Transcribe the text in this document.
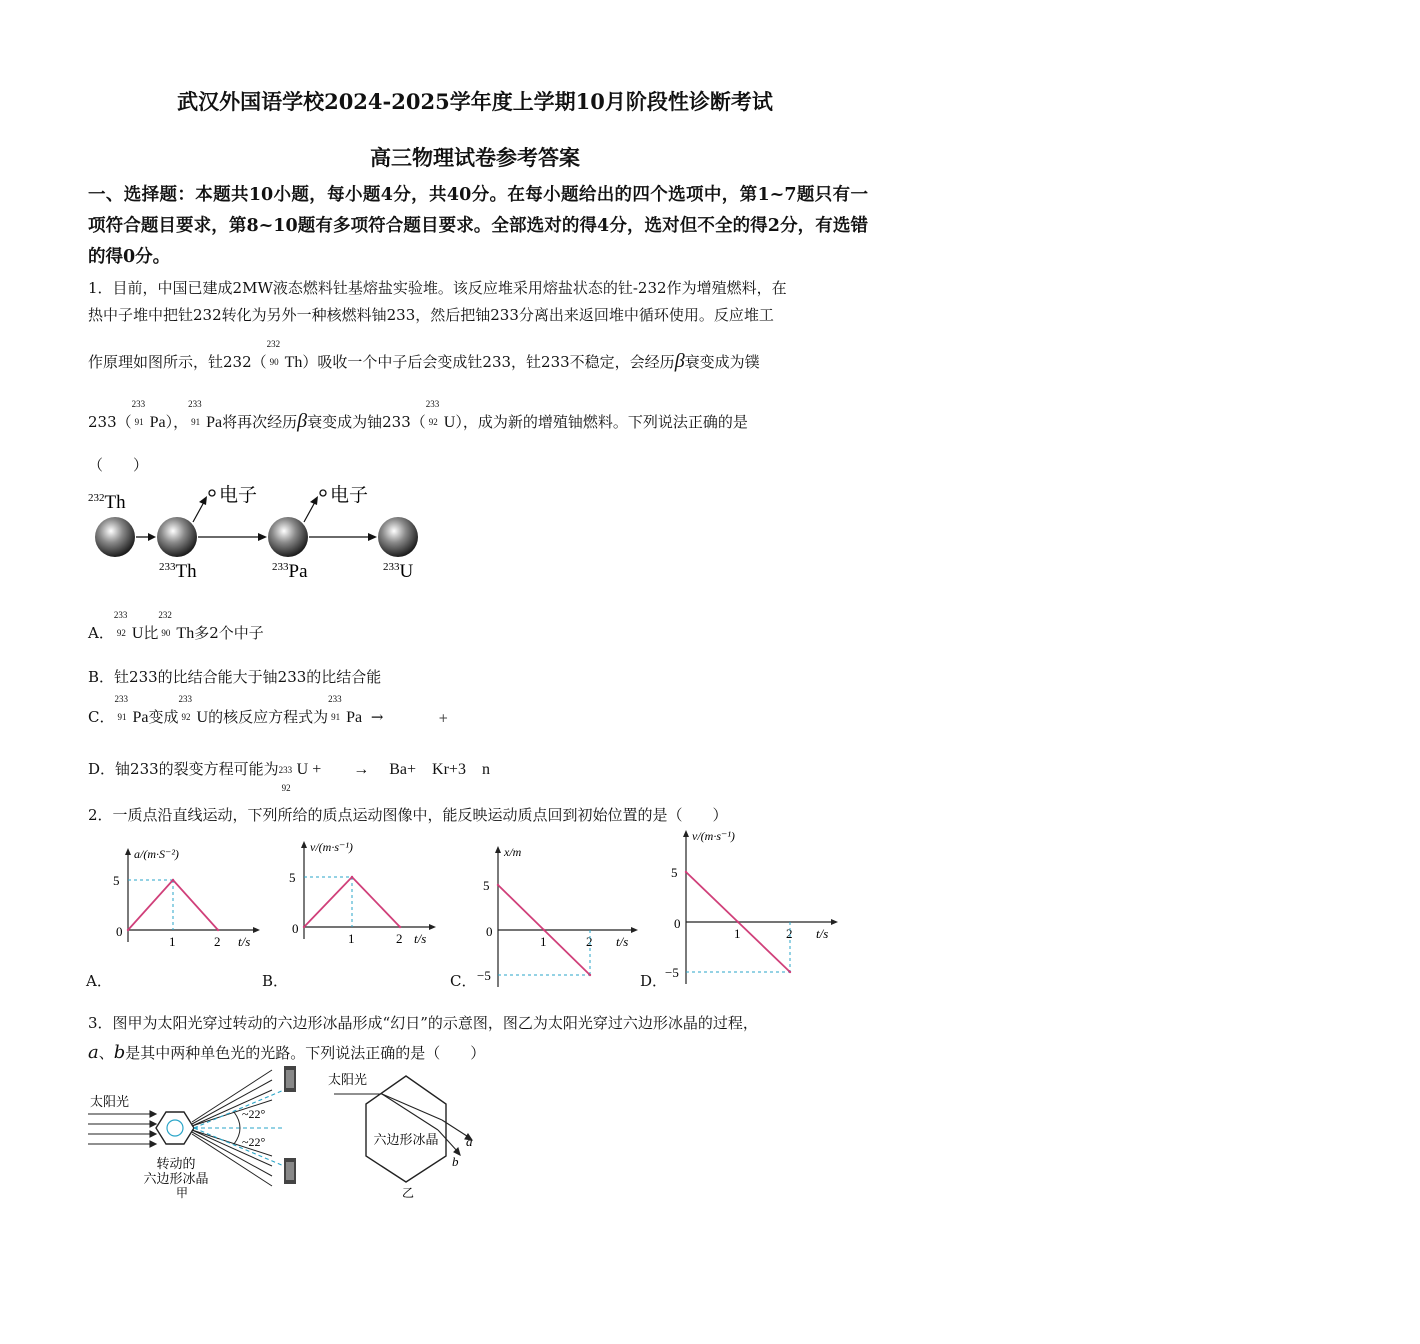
武汉外国语学校2024-2025学年度上学期10月阶段性诊断考试
高三物理试卷参考答案
一、选择题：本题共10小题，每小题4分，共40分。在每小题给出的四个选项中，第1~7题只有一项符合题目要求，第8~10题有多项符合题目要求。全部选对的得4分，选对但不全的得2分，有选错的得0分。
1．目前，中国已建成2MW液态燃料钍基熔盐实验堆。该反应堆采用熔盐状态的钍-232作为增殖燃料，在
热中子堆中把钍232转化为另外一种核燃料铀233，然后把铀233分离出来返回堆中循环使用。反应堆工
作原理如图所示，钍232（
232
90 Th）吸收一个中子后会变成钍233，钍233不稳定，会经历β衰变成为镤
233（
233
91 Pa），
233
91 Pa将再次经历β衰变成为铀233（
233
92 U），成为新的增殖铀燃料。下列说法正确的是
（　　）
$^{232}$Th	电子
$^{233}$Th
电子
$^{233}$Pa	$^{233}$U
A．
233
92 U比
232
90 Th多2个中子
B．钍233的比结合能大于铀233的比结合能
C．
233
91 Pa变成
233
92 U的核反应方程式为
233
91 Pa →	+
D．铀233的裂变方程可能为 233
92
U +　　→　 Ba+　Kr+3　n
2．一质点沿直线运动，下列所给的质点运动图像中，能反映运动质点回到初始位置的是（　　）
A．	B．	C．	D．
a/(m·S⁻²)
t/s
0
1	2
5
v/(m·s⁻¹)
t/s
0
1	2
5
x/m
t/s
0
1	2
5
−5
v/(m·s⁻¹)
t/s
0
1	2
5
−5
3．图甲为太阳光穿过转动的六边形冰晶形成“幻日”的示意图，图乙为太阳光穿过六边形冰晶的过程，
a、b是其中两种单色光的光路。下列说法正确的是（　　）
太阳光
~22°
~22°
转动的
六边形冰晶
甲
太阳光
a
b
六边形冰晶
乙
